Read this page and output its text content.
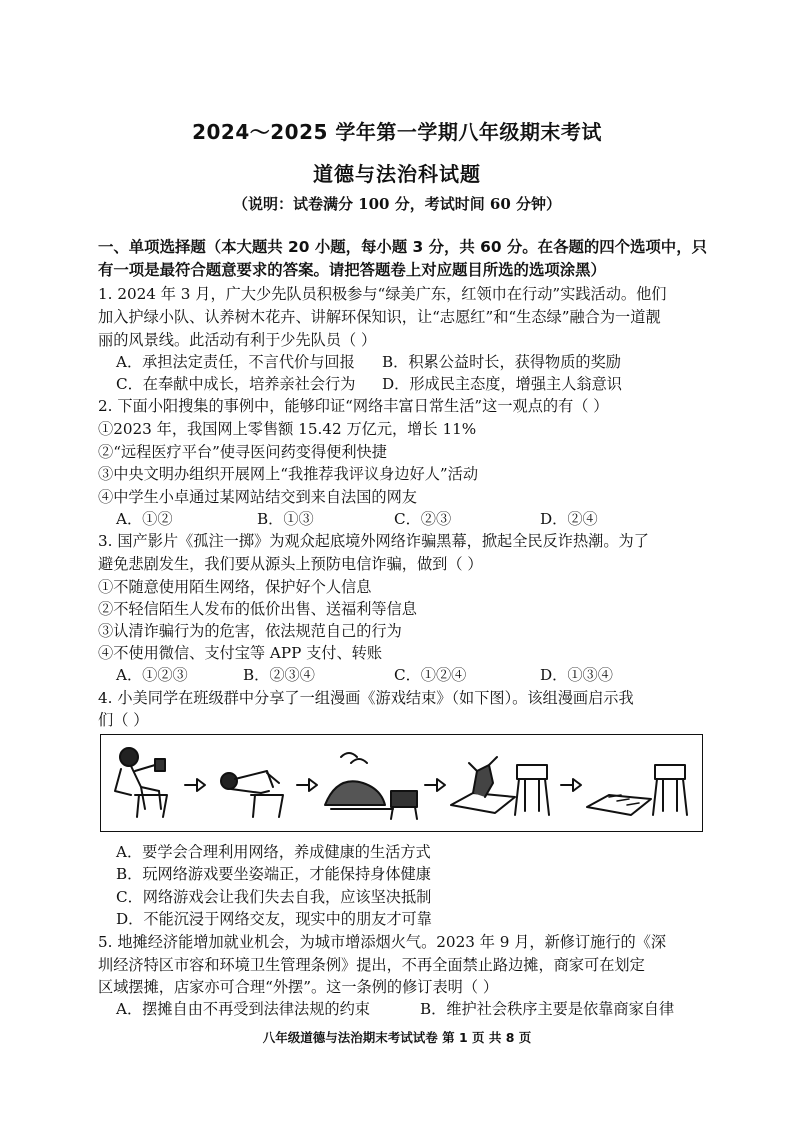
2024～2025 学年第一学期八年级期末考试
道德与法治科试题
（说明：试卷满分 100 分，考试时间 60 分钟）
一、单项选择题（本大题共 20 小题，每小题 3 分，共 60 分。在各题的四个选项中，只
有一项是最符合题意要求的答案。请把答题卷上对应题目所选的选项涂黑）
1. 2024 年 3 月，广大少先队员积极参与“绿美广东，红领巾在行动”实践活动。他们
加入护绿小队、认养树木花卉、讲解环保知识，让“志愿红”和“生态绿”融合为一道靓
丽的风景线。此活动有利于少先队员（ ）
A．承担法定责任，不言代价与回报 B．积累公益时长，获得物质的奖励
C．在奉献中成长，培养亲社会行为 D．形成民主态度，增强主人翁意识
2. 下面小阳搜集的事例中，能够印证“网络丰富日常生活”这一观点的有（ ）
①2023 年，我国网上零售额 15.42 万亿元，增长 11%
②“远程医疗平台”使寻医问药变得便利快捷
③中央文明办组织开展网上“我推荐我评议身边好人”活动
④中学生小卓通过某网站结交到来自法国的网友
A．①②	B．①③	C．②③	D．②④
3. 国产影片《孤注一掷》为观众起底境外网络诈骗黑幕，掀起全民反诈热潮。为了
避免悲剧发生，我们要从源头上预防电信诈骗，做到（ ）
①不随意使用陌生网络，保护好个人信息
②不轻信陌生人发布的低价出售、送福利等信息
③认清诈骗行为的危害，依法规范自己的行为
④不使用微信、支付宝等 APP 支付、转账
A．①②③	B．②③④	C．①②④	D．①③④
4. 小美同学在班级群中分享了一组漫画《游戏结束》（如下图）。该组漫画启示我
们（ ）
A．要学会合理利用网络，养成健康的生活方式
B．玩网络游戏要坐姿端正，才能保持身体健康
C．网络游戏会让我们失去自我，应该坚决抵制
D．不能沉浸于网络交友，现实中的朋友才可靠
5. 地摊经济能增加就业机会，为城市增添烟火气。2023 年 9 月，新修订施行的《深
圳经济特区市容和环境卫生管理条例》提出，不再全面禁止路边摊，商家可在划定
区域摆摊，店家亦可合理“外摆”。这一条例的修订表明（ ）
A．摆摊自由不再受到法律法规的约束	B．维护社会秩序主要是依靠商家自律
八年级道德与法治期末考试试卷 第 1 页 共 8 页
